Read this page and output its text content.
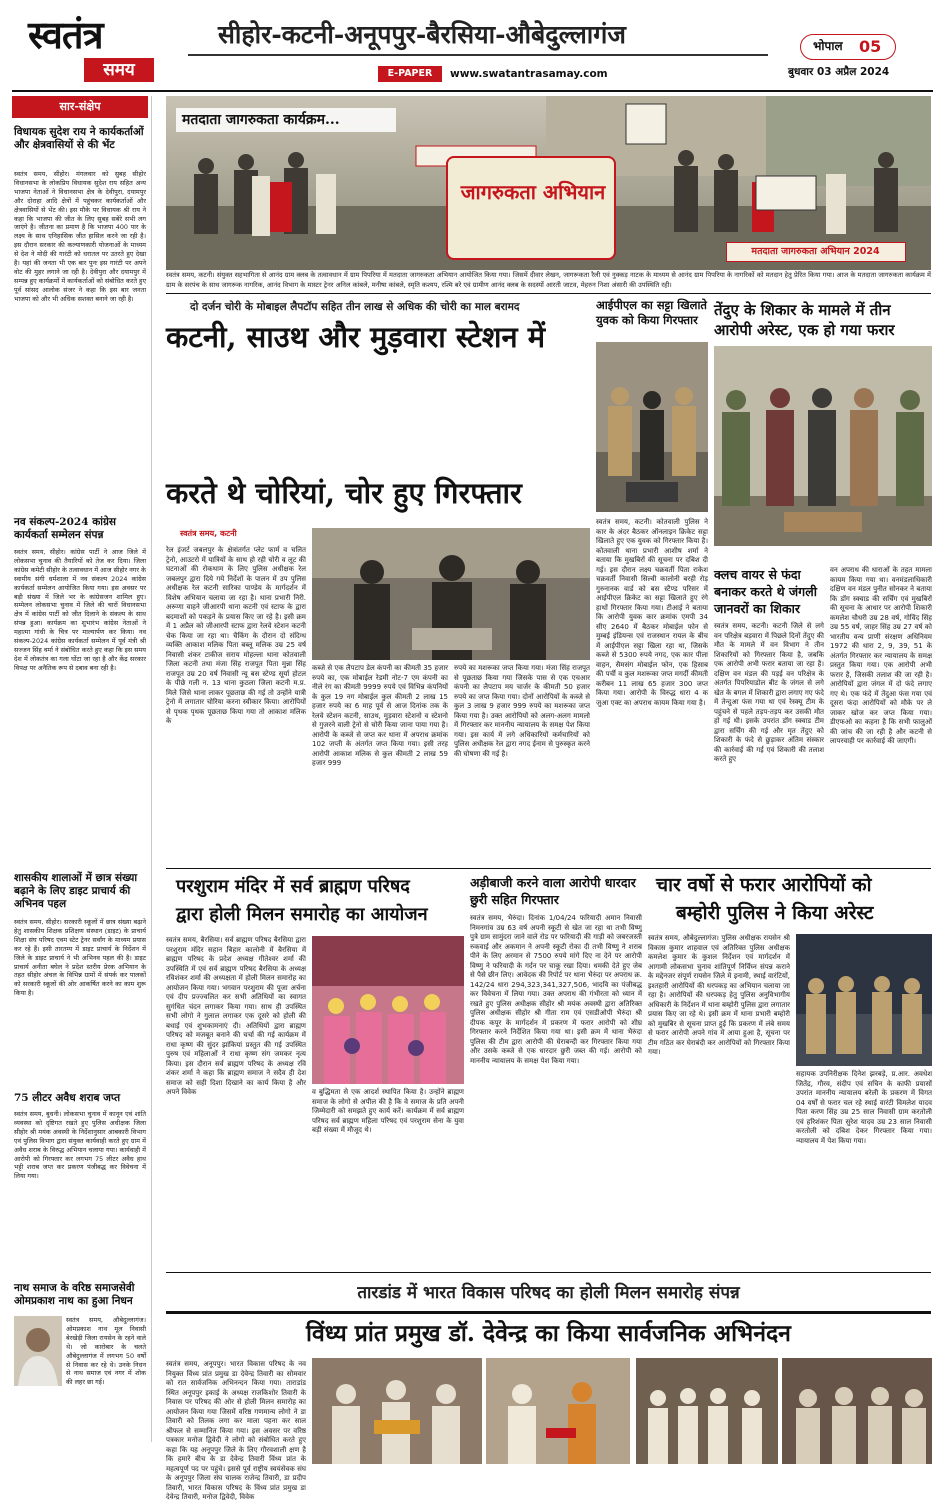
स्वतंत्र
समय
सीहोर-कटनी-अनूपपुर-बैरसिया-औबेदुल्लागंज
E-PAPER	www.swatantrasamay.com
भोपाल 05
बुधवार 03 अप्रैल 2024
सार-संक्षेप
विधायक सुदेश राय ने कार्यकर्ताओं और क्षेत्रवासियों से की भेंट
स्वतंत्र समय, सीहोर। मंगलवार को सुबह सीहोर विधानसभा के लोकप्रिय विधायक सुदेश राय सहित अन्य भाजपा नेताओं ने विधानसभा क्षेत्र के देवीपुरा, दयामपुर और दोराहा आदि क्षेत्रों में पहुंचकर कार्यकर्ताओं और क्षेत्रवासियों से भेंट की। इस मौके पर विधायक श्री राय ने कहा कि भाजपा की जीत के लिए सुबह सबेरे सभी लग जाएंगे है। जीतना का प्रमाण है कि भाजपा 400 पार के लक्ष्य के साथ एनिहासिक जीत हासिल करने जा रही है। इस दौरान सरकार की कल्याणकारी योजनाओं के माध्यम से देश ने मोदी की गारंटी को धरातल पर उतरते हुए देखा है। यहां की जनता भी एक बार पुनः इस गारंटी पर अपने वोट की मुहर लगाने जा रही है। देवीपुरा और दयामपुर में सम्पन्न हुए कार्यक्रमों में कार्यकर्ताओं को संबोधित करते हुए पूर्व सांसद आलोक संजर ने कहा कि इस बार जनता भाजपा को और भी अधिक सशक्त बनाने जा रही है।
नव संकल्प-2024 कांग्रेस कार्यकर्ता सम्मेलन संपन्न
स्वतंत्र समय, सीहोर। कांग्रेस पार्टी ने आज जिले में लोकसभा चुनाव की तैयारियों को तेज कर दिया। जिला कांग्रेस कमेटी सीहोर के तत्वावधान में आज सीहोर नगर के स्वामीय संगी धर्मशाला में नव संकल्प 2024 कांग्रेस कार्यकर्ता सम्मेलन आयोजित किया गया। इस अवसर पर बड़ी संख्या में जिले भर के कांग्रेसजन शामिल हुए। सम्मेलन लोकसभा चुनाव में जिले की चारों विधानसभा क्षेत्र में कांग्रेस पार्टी को जीत दिलाने के संकल्प के साथ संपन्न हुआ। कार्यक्रम का शुभारंभ कांग्रेस नेताओं ने महात्मा गांधी के चित्र पर माल्यार्पण कर किया। नव संकल्प-2024 कांग्रेस कार्यकर्ता सम्मेलन में पूर्व मंत्री श्री सज्जन सिंह वर्मा ने संबोधित करते हुए कहा कि इस समय देश में लोकतंत्र का गला घोंटा जा रहा है और केंद्र सरकार विपक्ष पर अनैतिक रूप से दबाव बना रही है।
शासकीय शालाओं में छात्र संख्या बढ़ाने के लिए डाइट प्राचार्य की अभिनव पहल
स्वतंत्र समय, सीहोर। सरकारी स्कूलों में छात्र संख्या बढ़ाने हेतु शासकीय शिक्षक प्रशिक्षण संस्थान (डाइट) के प्राचार्य शिक्षा संघ परिषद एवम स्टेट ट्रेनर सर्वांग के माध्यम प्रयास कर रहे हैं। इसी तारतम्य में डाइट प्राचार्य के निर्देशन में जिले के डाइट प्राचार्य ने भी अभिनव पहल की है। डाइट प्राचार्य अनीता बघेल ने प्रदेश स्तरीय प्रेरक अभियान के तहत सीहोर अंचल के विभिन्न ग्रामों में संपर्क कर पालकों को सरकारी स्कूलों की ओर आकर्षित करने का काम शुरू किया है।
75 लीटर अवैध शराब जप्त
स्वतंत्र समय, बुधनी। लोकसभा चुनाव में कानून एवं शांति व्यवस्था को दृष्टिगत रखते हुए पुलिस अधीक्षक जिला सीहोर श्री मयंक अवस्थी के निर्देशानुसार आबकारी विभाग एवं पुलिस विभाग द्वारा संयुक्त कार्यवाही करते हुए ग्राम में अवैध शराब के विरुद्ध अभियान चलाया गया। कार्यवाही में आरोपी को गिरफ्तार कर लगभग 75 लीटर अवैध हाथ भट्टी शराब जप्त कर प्रकरण पंजीबद्ध कर विवेचना में लिया गया।
नाथ समाज के वरिष्ठ समाजसेवी ओमप्रकाश नाथ का हुआ निधन
स्वतंत्र समय, औबेदुल्लागंज। ओमप्रकाश नाथ मूल निवासी बेरखेड़ी जिला रायसेन के रहने वाले थे। जो कारोबार के चलते औबेदुल्लागंज में लगभग 50 वर्षों से निवास कर रहे थे। उनके निधन से नाथ समाज एवं नगर में शोक की लहर छा गई।
मतदाता जागरुकता कार्यक्रम...
जागरुकता अभियान
मतदाता जागरुकता अभियान 2024
स्वतंत्र समय, कटनी। संयुक्त सहभागिता से आनंद ग्राम क्लब के तत्वावधान में ग्राम पिपरिया में मतदाता जागरुकता अभियान आयोजित किया गया। जिसमें दीवार लेखन, जागरूकता रैली एवं नुक्कड़ नाटक के माध्यम से आनंद ग्राम पिपरिया के नागरिकों को मतदान हेतु प्रेरित किया गया। आज के मतदाता जागरुकता कार्यक्रम में ग्राम के सरपंच के साथ जागरूक नागरिक, आनंद विभाग के मास्टर ट्रेनर अनिल कांबले, मनीषा कांबले, स्मृति कश्यप, रश्मि बरे एवं ग्रामीण आनंद क्लब के सदस्यों आरती जाटव, मेहरुन निशा अंसारी की उपस्थिति रही।
दो दर्जन चोरी के मोबाइल लैपटॉप सहित तीन लाख से अधिक की चोरी का माल बरामद
कटनी, साउथ और मुड़वारा स्टेशन में
करते थे चोरियां, चोर हुए गिरफ्तार
स्वतंत्र समय, कटनी
रेल इंजर्ट जबलपुर के क्षेत्रांतर्गत प्लेट फार्म व चलित ट्रेनो, आउटरो में यात्रियों के साथ हो रही चोरी व लूट की घटनाओं की रोकथाम के लिए पुलिस अधीक्षक रेल जबलपुर द्वारा दिये गये निर्देशों के पालन में उप पुलिस अधीक्षक रेल कटनी सारिका पाण्डेय के मार्गदर्शन में विशेष अभियान चलाया जा रहा है। थाना प्रभारी निरी. अरूणा वाहने जीआरपी थाना कटनी एवं स्टाफ के द्वारा बदमाशों को पकड़ने के प्रयास किए जा रहे है। इसी क्रम में 1 अप्रैल को जीआरपी स्टाफ द्वारा रेलवे स्टेशन कटनी चेक किया जा रहा था। चैकिंग के दौरान दो संदिग्ध व्यक्ति आकाश मलिक पिता बब्लू मलिक उम्र 25 वर्ष निवासी शंकर टाकीज सराय मोहल्ला थाना कोतवाली जिला कटनी तथा मंजा सिंह राजपूत पिता मुन्ना सिंह राजपूत उम्र 20 वर्ष निवासी न्यू बस स्टेण्ड सूर्या होटल के पीछे गली न. 13 थाना कुठला जिला कटनी म.प्र. मिले जिसे थाना लाकर पूछताछ की गई तो उन्होंने यात्री ट्रेनो में लगातार चोरिया करना स्वीकार किया। आरोपियों से पृथक पृथक पूछताछ किया गया तो आकाश मलिक के
कब्जे से एक लैपटाप डेल कंपनी का कीमती 35 हजार रुपये का, एक मोबाईल रेडमी नोट-7 एम कंपनी का नीले रंग का कीमती 9999 रुपये एवं विभिन्न कंपनियों के कुल 19 नग मोबाईल कुल कीमती 2 लाख 15 हजार रुपये का 6 माह पूर्व से आज दिनांक तक के रेलवे स्टेशन कटनी, साउथ, मुड़वारा स्टेशनो व स्टेशनो से गुजरने वाली ट्रेनो से चोरी किया जाना पाया गया है। आरोपी के कब्जे से जप्त कर थाना में अपराध क्रमांक 102 जप्ती के अंतर्गत जप्त किया गया। इसी तरह आरोपी आकाश मलिक से कुल कीमती 2 लाख 59 हजार 999
रुपये का मशरूका जप्त किया गया। मंजा सिंह राजपूत से पूछताछ किया गया जिसके पास से एक एचआर कंपनी का लैपटाप मय चार्जर के कीमती 50 हजार रुपये का जप्त किया गया। दोनों आरोपियों के कब्जे से कुल 3 लाख 9 हजार 999 रुपये का मशरूका जप्त किया गया है। उक्त आरोपियों को अलग-अलग मामलो में गिरफ्तार कर माननीय न्यायालय के समक्ष पेश किया गया। इस कार्य में लगे अधिकारियों कर्मचारियों को पुलिस अधीक्षक रेल द्वारा नगद ईनाम से पुरुस्कृत करने की घोषणा की गई है।
आईपीएल का सट्टा खिलाते युवक को किया गिरफ्तार
स्वतंत्र समय, कटनी। कोतवाली पुलिस ने कार के अंदर बैठकर ऑनलाइन क्रिकेट सट्टा खिलाते हुए एक युवक को गिरफ्तार किया है। कोतवाली थाना प्रभारी आशीष शर्मा ने बताया कि मुखबिरों की सूचना पर दबिश दी गई। इस दौरान लक्ष्य चक्रवर्ती पिता राकेश चक्रवर्ती निवासी सिल्वी कालोनी बरही रोड़ गुरुनानक वार्ड को बस स्टैण्ड परिसर में आईपीएल क्रिकेट का सट्टा खिलाते हुए रंगे हाथों गिरफ्तार किया गया। टीआई ने बताया कि आरोपी युवक कार क्रमांक एमपी 34 सीए 2640 में बैठकर मोबाईल फोन से मुम्बई इंडियन्स एवं राजस्थान रायल के बीच में आईपीएल सट्टा खिला रहा था, जिसके कब्जे से 5300 रुपये नगद, एक कार पीला वाहन, सैमसंग मोबाईल फोन, एक हिसाब की पर्ची व कुल मशरूका जप्त मगर्दी कीमती करीबन 11 लाख 65 हजार 300 जप्त किया गया। आरोपी के विरुद्ध धारा 4 क जुआ एक्ट का अपराध कायम किया गया है।
तेंदुए के शिकार के मामले में तीन आरोपी अरेस्ट, एक हो गया फरार
क्लच वायर से फंदा बनाकर करते थे जंगली जानवरों का शिकार
स्वतंत्र समय, कटनी। कटनी जिले से लगे वन परिक्षेत्र बड़वारा में पिछले दिनों तेंदुए की मौत के मामले में वन विभाग ने तीन शिकारियों को गिरफ्तार किया है, जबकि एक आरोपी अभी फरार बताया जा रहा है। दक्षिण वन मंडल की पड़ई वन परिक्षेत्र के अंतर्गत पिपरियाडोल बीट के जंगल से लगे खेत के बगल में शिकारी द्वारा लगाए गए फंदे में तेन्दुआ फंस गया था एवं रेस्क्यू टीम के पहुंचने से पहले तड़प-तड़प कर उसकी मौत हो गई थी। इसके उपरांत डॉग स्क्वाड टीम द्वारा सर्चिंग की गई और मृत तेंदुए को शिकारी के फंदे से छुड़ाकर अंतिम संस्कार की कार्रवाई की गई एवं शिकारी की तलाश करते हुए
वन अपराध की धाराओं के तहत मामला कायम किया गया था। वनमंडलाधिकारी दक्षिण वन मंडल पुनीत सोनकर ने बताया कि डॉग स्क्वाड की सर्चिंग एवं मुखबिरों की सूचना के आधार पर आरोपी शिकारी कमलेश चौधरी उम्र 28 वर्ष, गोविंद सिंह उम्र 55 वर्ष, जाहर सिंह उम्र 27 वर्ष को भारतीय वन्य प्राणी संरक्षण अधिनियम 1972 की धारा 2, 9, 39, 51 के अंतर्गत गिरफ्तार कर न्यायालय के समक्ष प्रस्तुत किया गया। एक आरोपी अभी फरार है, जिसकी तलाश की जा रही है। आरोपियों द्वारा जंगल में दो फंदे लगाए गए थे। एक फंदे में तेंदुआ फंस गया एवं दूसरा फंदा आरोपियों को मौके पर ले जाकर खोज कर जप्त किया गया। डीएफओ का कहना है कि सभी फालुओं की जांच की जा रही है और कटनी से लापरवाही पर कार्रवाई की जाएगी।
परशुराम मंदिर में सर्व ब्राह्मण परिषद
द्वारा होली मिलन समारोह का आयोजन
स्वतंत्र समय, बैरसिया। सर्व ब्राह्मण परिषद बैरसिया द्वारा परशुराम मंदिर सहान बिहार कालोनी में बैरसिया में ब्राह्मण परिषद के प्रदेश अध्यक्ष गीतेश्वर शर्मा की उपस्थिति में एवं सर्व ब्राह्मण परिषद बैरसिया के अध्यक्ष रविशंकर शर्मा की अध्यक्षता में होली मिलन समारोह का आयोजन किया गया। भगवान परशुराम की पूजा अर्चना एवं दीप प्रज्ज्वलित कर सभी अतिथियों का स्वागत सुगंधित चंदन लगाकर किया गया। साथ ही उपस्थित सभी लोगो ने गुलाल लगाकर एक दूसरे को होली की बधाई एवं शुभकामनाएं दी। अतिथियों द्वारा ब्राह्मण परिषद को मजबूत बनाने की चर्चा की गई कार्यक्रम में राधा कृष्ण की सुंदर झांकियां प्रस्तुत की गई उपस्थित पुरुष एवं महिलाओं ने राधा कृष्ण संग जमकर नृत्य किया। इस दौरान सर्व ब्राह्मण परिषद के अध्यक्ष रवि शंकर शर्मा ने कहा कि ब्राह्मण समाज ने सदैव ही देश समाज को सही दिशा दिखाने का कार्य किया है और अपने विवेक	व बुद्धिमता से एक आदर्श स्थापित किया है। उन्होंने ब्राह्मण समाज के लोगो से अपील की है कि वे समाज के प्रति अपनी जिम्मेदारी को समझते हुए कार्य करें। कार्यक्रम में सर्व ब्राह्मण परिषद सर्व ब्राह्मण महिला परिषद एवं परशुराम सेना के युवा बड़ी संख्या में मौजूद थे।
अड़ीबाजी करने वाला आरोपी धारदार छुरी सहित गिरफ्तार
स्वतंत्र समय, भैरुंदा। दिनांक 1/04/24 फरियादी अमान निवासी निमनगांव उम्र 63 वर्ष अपनी स्कूटी से खेत जा रहा था तभी विष्णु पुत्रे ग्राम सामुंदरा जाने वाले रोड पर फरियादी की गाड़ी को जबरजस्ती रुकवाई और अकमान ने अपनी स्कूटी रोका दी तभी विष्णु ने शराब पीने के लिए अरमान से 7500 रुपये मांगे दिए ना देने पर आरोपी विष्णु ने फरियादी के गर्दन पर चाकू रखा दिया। धमकी देते हुए जेब से पैसे छीन लिए। आवेदक की रिपोर्ट पर थाना भैरुंदा पर अपराध क्र. 142/24 धारा 294,323,341,327,506, भादवि का पंजीबद्ध कर विवेचना में लिया गया। उक्त अपराध की गंभीरता को ध्यान में रखते हुए पुलिस अधीक्षक सीहोर श्री मयंक अवस्थी द्वारा अतिरिक्त पुलिस अधीक्षक सीहोर श्री गीता राम एवं एसडीओपी भैरुंदा श्री दीपक कपूर के मार्गदर्शन में प्रकरण में फरार आरोपी को शीघ्र गिरफ्तार करने निर्देशित किया गया था। इसी क्रम में थाना भैरुंदा पुलिस की टीम द्वारा आरोपी की घेराबन्दी कर गिरफ्तार किया गया और उसके कब्जे से एक धारदार छुरी जब्त की गई। आरोपी को माननीय न्यायालय के समक्ष पेश किया गया।
चार वर्षो से फरार आरोपियों को
बम्होरी पुलिस ने किया अरेस्ट
स्वतंत्र समय, औबेदुल्लागंज। पुलिस अधीक्षक रायसेन श्री विकास कुमार शाहवाल एवं अतिरिक्त पुलिस अधीक्षक कमलेश कुमार के कुशल निर्देशन एवं मार्गदर्शन में आगामी लोकसभा चुनाव शांतिपूर्ण निर्विघ्न संपन्न कराने के मद्देनजर संपूर्ण रायसेन जिले मे इनामी, स्थाई वारंटियों, इश्तहारी आरोपियों की धरपकड़ का अभियान चलाया जा रहा है। आरोपियों की धरपकड़ हेतु पुलिस अनुविभागीय अधिकारी के निर्देशन में थाना बम्होरी पुलिस द्वारा लगातार प्रयास किए जा रहे थे। इसी क्रम में थाना प्रभारी बम्होरी को मुखबिर से सूचना प्राप्त हुई कि प्रकरण में लंबे समय से फरार आरोपी अपने गांव में आया हुआ है, सूचना पर टीम गठित कर घेराबंदी कर आरोपियों को गिरफ्तार किया गया।
सहायक उपनिरीक्षक दिनेश झरबड़े, प्र.आर. अवधेश जितेंद्र, गौरव, संदीप एवं सचिन के काफी प्रयासों उपरांत माननीय न्यायालय बरेली के प्रकरण में विगत 04 वर्षों से फरार चल रहे स्थाई वारंटी विमलेश यादव पिता करण सिंह उम्र 25 साल निवासी ग्राम करतोली एवं हरिशंकर पिता सुरेश यादव उम्र 23 साल निवासी करतोली को दबिश देकर गिरफ्तार किया गया। न्यायालय में पेश किया गया।
तारडांड में भारत विकास परिषद का होली मिलन समारोह संपन्न
विंध्य प्रांत प्रमुख डॉ. देवेन्द्र का किया सार्वजनिक अभिनंदन
स्वतंत्र समय, अनूपपुर। भारत विकास परिषद के नव नियुक्त विंध्य प्रांत प्रमुख डा देवेन्द्र तिवारी का सोमवार को रात सार्वजनिक अभिनन्दन किया गया। ताराडांड स्थित अनूपपुर इकाई के अध्यक्ष राजकिशोर तिवारी के निवास पर परिषद की ओर से होली मिलन समारोह का आयोजन किया गया जिसमें वरिष्ठ गणमान्य लोगो ने डा तिवारी को तिलक लगा कर माला पहना कर साल श्रीफल से सम्मानित किया गया। इस अवसर पर वरिष्ठ पत्रकार मनोज द्विवेदी ने लोगो को संबोधित करते हुए कहा कि यह अनूपपुर जिले के लिए गौरवशाली क्षण है कि हमारे बीच के डा देवेन्द्र तिवारी विंध्य प्रांत के महत्वपूर्ण पद पर पहुंचे। इससे पूर्व राष्ट्रीय स्वयंसेवक संघ के अनूपपुर जिला संघ चालक राजेन्द्र तिवारी, डा प्रदीप तिवारी, भारत विकास परिषद के विंध्य प्रांत प्रमुख डा देवेन्द्र तिवारी, मनोज द्विवेदी, विवेक
